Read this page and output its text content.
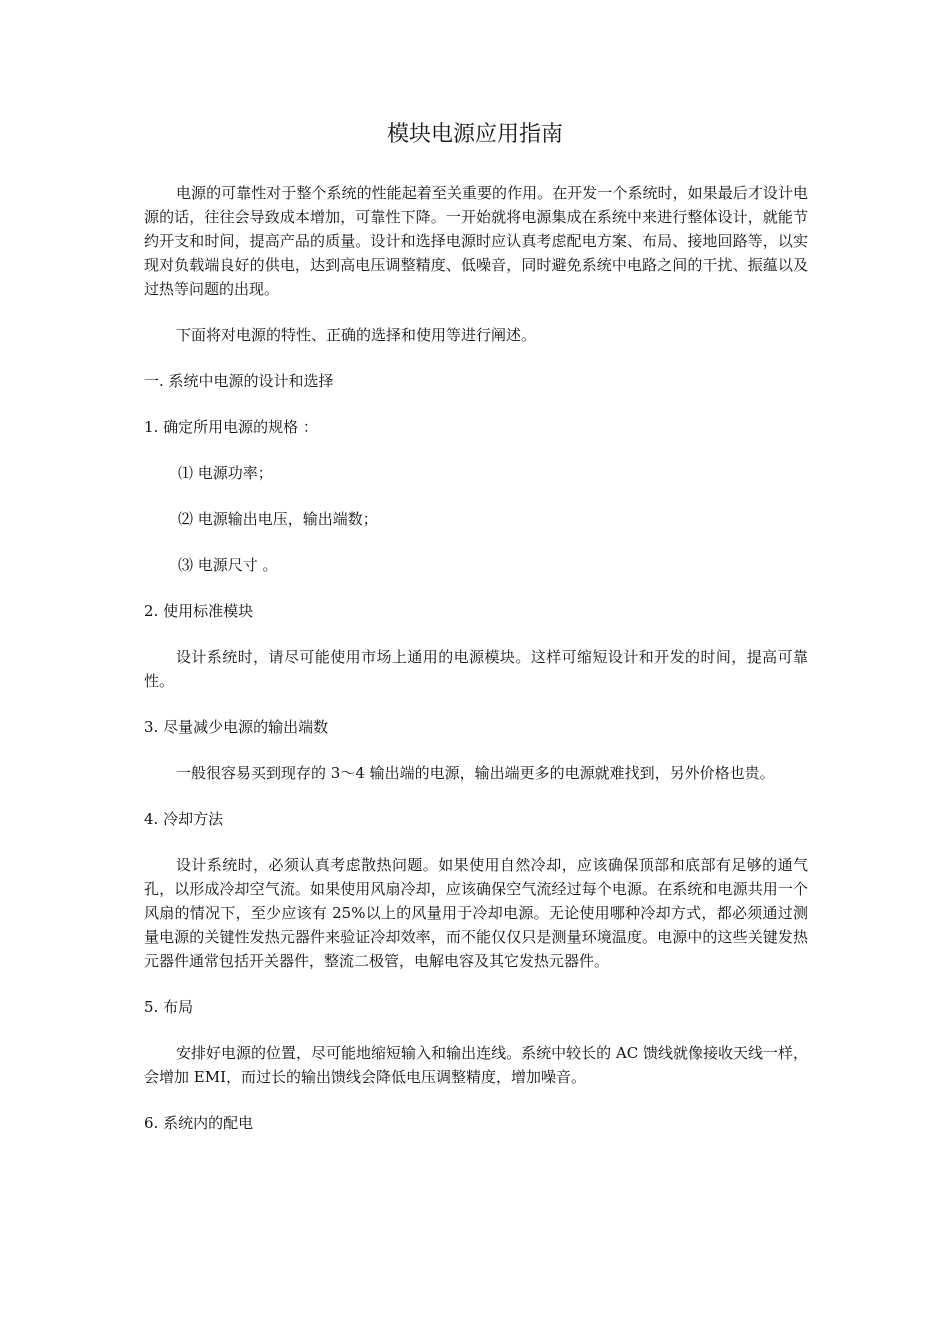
模块电源应用指南

电源的可靠性对于整个系统的性能起着至关重要的作用。在开发一个系统时，如果最后才设计电源的话，往往会导致成本增加，可靠性下降。一开始就将电源集成在系统中来进行整体设计，就能节约开支和时间，提高产品的质量。设计和选择电源时应认真考虑配电方案、布局、接地回路等，以实现对负载端良好的供电，达到高电压调整精度、低噪音，同时避免系统中电路之间的干扰、振蕴以及过热等问题的出现。

下面将对电源的特性、正确的选择和使用等进行阐述。

一. 系统中电源的设计和选择
1. 确定所用电源的规格 ：
⑴ 电源功率；
⑵ 电源输出电压，输出端数；
⑶ 电源尺寸 。
2. 使用标准模块

设计系统时，请尽可能使用市场上通用的电源模块。这样可缩短设计和开发的时间，提高可靠性。

3. 尽量减少电源的输出端数

一般很容易买到现存的 3～4 输出端的电源，输出端更多的电源就难找到，另外价格也贵。

4. 冷却方法

设计系统时，必须认真考虑散热问题。如果使用自然冷却，应该确保顶部和底部有足够的通气孔，以形成冷却空气流。如果使用风扇冷却，应该确保空气流经过每个电源。在系统和电源共用一个风扇的情况下，至少应该有 25%以上的风量用于冷却电源。无论使用哪种冷却方式，都必须通过测量电源的关键性发热元器件来验证冷却效率，而不能仅仅只是测量环境温度。电源中的这些关键发热元器件通常包括开关器件，整流二极管，电解电容及其它发热元器件。

5. 布局

安排好电源的位置，尽可能地缩短输入和输出连线。系统中较长的 AC 馈线就像接收天线一样，会增加 EMI，而过长的输出馈线会降低电压调整精度，增加噪音。

6. 系统内的配电
